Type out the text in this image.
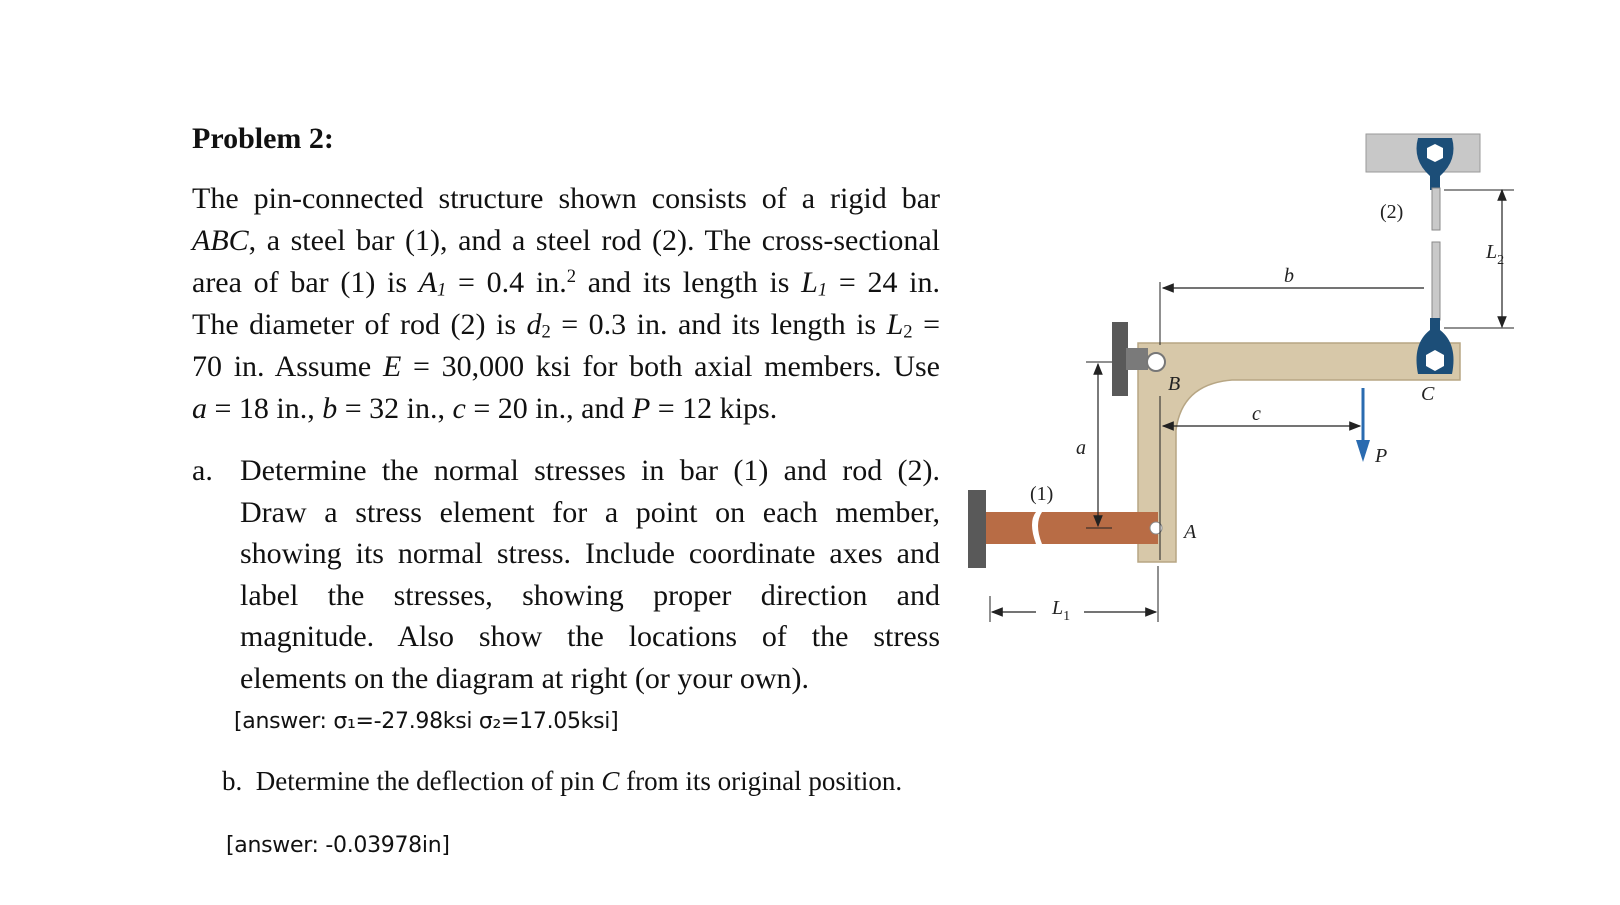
Problem 2:
The pin-connected structure shown consists of a rigid bar
ABC, a steel bar (1), and a steel rod (2). The cross-sectional
area of bar (1) is $A_1 = 0.4$ in.$^2$ and its length is $L_1 = 24$ in.
The diameter of rod (2) is $d_2 = 0.3$ in. and its length is $L_2$ =
70 in. Assume E = 30,000 ksi for both axial members. Use
a = 18 in., b = 32 in., c = 20 in., and P = 12 kips.
a. Determine the normal stresses in bar (1) and rod (2).
Draw a stress element for a point on each member,
showing its normal stress. Include coordinate axes and
label the stresses, showing proper direction and
magnitude. Also show the locations of the stress
elements on the diagram at right (or your own).
[answer: σ₁=-27.98ksi σ₂=17.05ksi]
b. Determine the deflection of pin C from its original position.
[answer: -0.03978in]
B	C
A
P
a
b
c
(1)
(2)
$L_1$
$L_2$
